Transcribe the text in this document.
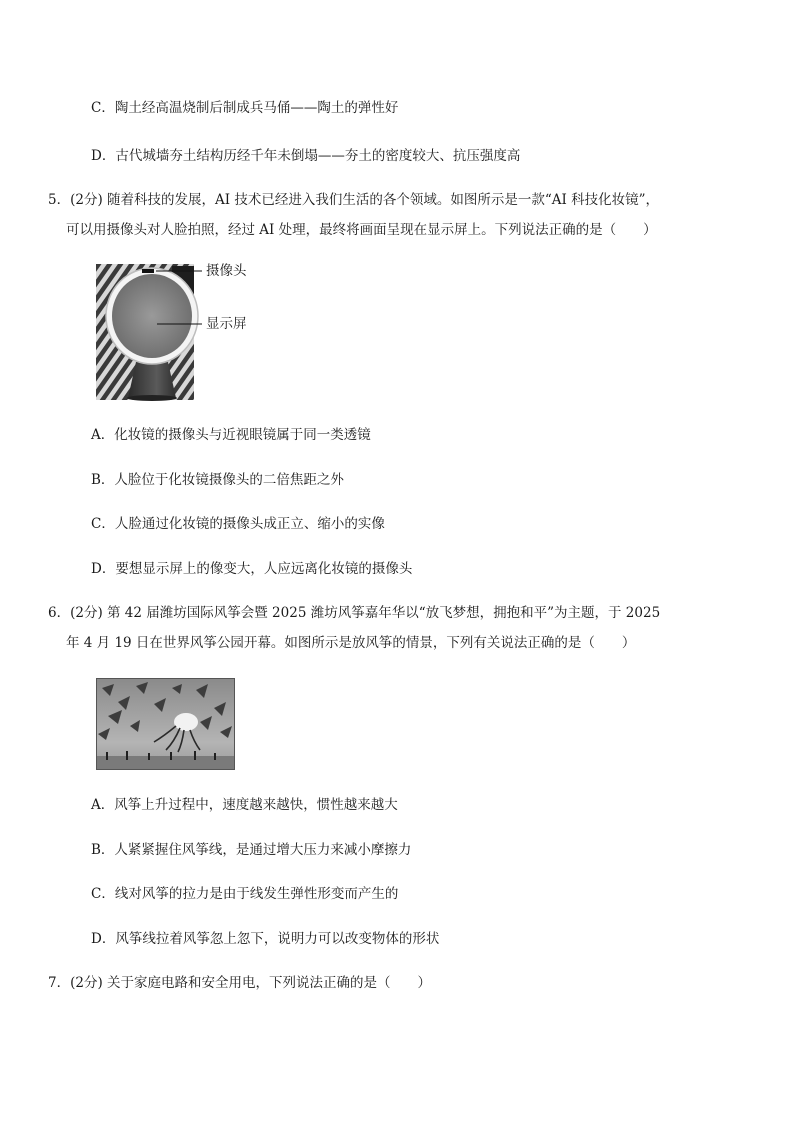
C．陶土经高温烧制后制成兵马俑——陶土的弹性好
D．古代城墙夯土结构历经千年未倒塌——夯土的密度较大、抗压强度高
5．(2分) 随着科技的发展，AI 技术已经进入我们生活的各个领域。如图所示是一款“AI 科技化妆镜”，
可以用摄像头对人脸拍照，经过 AI 处理，最终将画面呈现在显示屏上。下列说法正确的是（　　）
摄像头
显示屏
A．化妆镜的摄像头与近视眼镜属于同一类透镜
B．人脸位于化妆镜摄像头的二倍焦距之外
C．人脸通过化妆镜的摄像头成正立、缩小的实像
D．要想显示屏上的像变大，人应远离化妆镜的摄像头
6．(2分) 第 42 届潍坊国际风筝会暨 2025 潍坊风筝嘉年华以“放飞梦想，拥抱和平”为主题，于 2025
年 4 月 19 日在世界风筝公园开幕。如图所示是放风筝的情景，下列有关说法正确的是（　　）
A．风筝上升过程中，速度越来越快，惯性越来越大
B．人紧紧握住风筝线，是通过增大压力来减小摩擦力
C．线对风筝的拉力是由于线发生弹性形变而产生的
D．风筝线拉着风筝忽上忽下，说明力可以改变物体的形状
7．(2分) 关于家庭电路和安全用电，下列说法正确的是（　　）
